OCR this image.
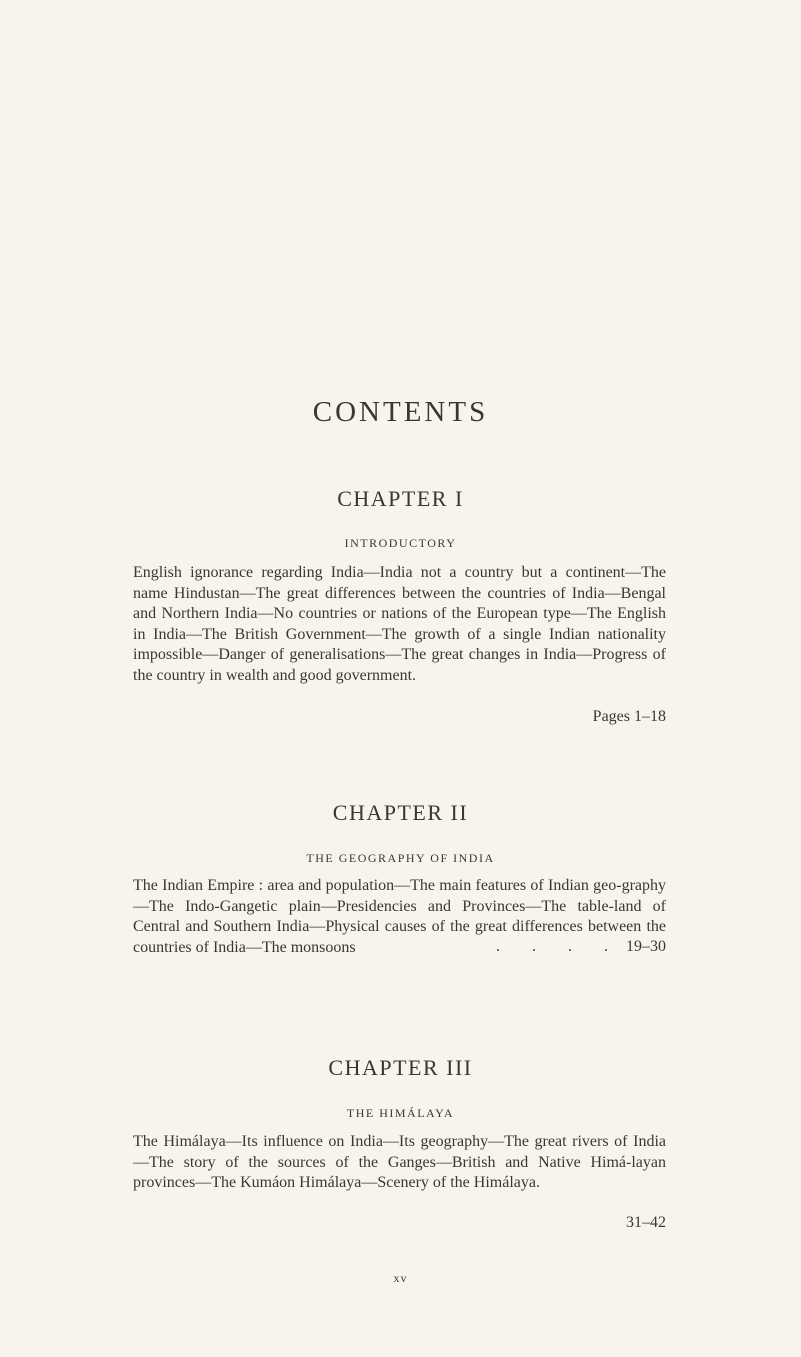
CONTENTS
CHAPTER I
INTRODUCTORY

English ignorance regarding India—India not a country but a continent—The name Hindustan—The great differences between the countries of India—Bengal and Northern India—No countries or nations of the European type—The English in India—The British Government—The growth of a single Indian nationality impossible—Danger of generalisations—The great changes in India—Progress of the country in wealth and good government.

Pages 1–18
CHAPTER II
THE GEOGRAPHY OF INDIA

The Indian Empire : area and population—The main features of Indian geo-graphy—The Indo-Gangetic plain—Presidencies and Provinces—The table-land of Central and Southern India—Physical causes of the great differences between the countries of India—The monsoons	. . . . 19–30
CHAPTER III
THE HIMÁLAYA

The Himálaya—Its influence on India—Its geography—The great rivers of India—The story of the sources of the Ganges—British and Native Himá-layan provinces—The Kumáon Himálaya—Scenery of the Himálaya.

31–42
xv
